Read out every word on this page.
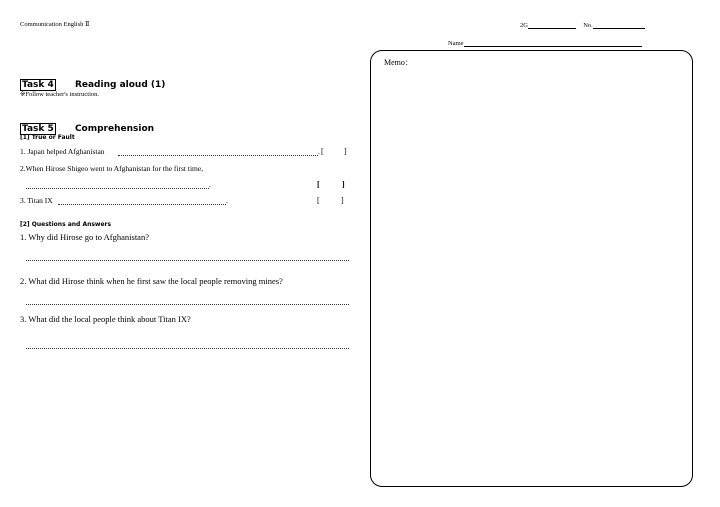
Communication English Ⅱ	2G	No.
Name
Memo：
Task 4 Reading aloud (1)
※Follow teacher's instruction.
Task 5 Comprehension
[1] True or Fault
1. Japan helped Afghanistan	. [	]
2.When Hirose Shigeo went to Afghanistan for the first time,
.	[	]
3. Titan IX	.	[	]
[2] Questions and Answers
1. Why did Hirose go to Afghanistan?
2. What did Hirose think when he first saw the local people removing mines?
3. What did the local people think about Titan IX?
